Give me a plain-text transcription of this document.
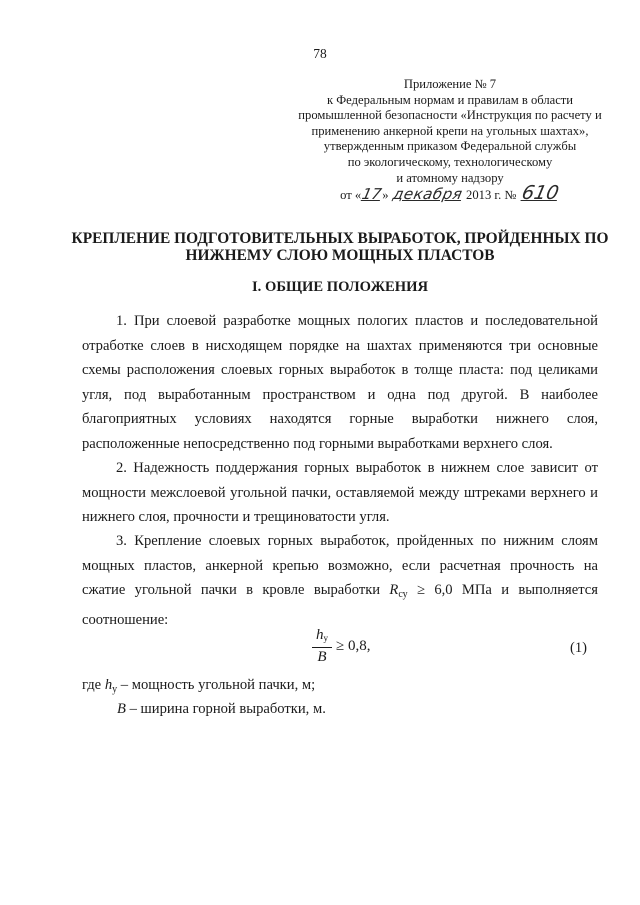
78
Приложение № 7
к Федеральным нормам и правилам в области
промышленной безопасности «Инструкция по расчету и
применению анкерной крепи на угольных шахтах»,
утвержденным приказом Федеральной службы
по экологическому, технологическому
и атомному надзору
от «17» декабря 2013 г. № 610
КРЕПЛЕНИЕ ПОДГОТОВИТЕЛЬНЫХ ВЫРАБОТОК, ПРОЙДЕННЫХ ПО
НИЖНЕМУ СЛОЮ МОЩНЫХ ПЛАСТОВ
I. ОБЩИЕ ПОЛОЖЕНИЯ

1. При слоевой разработке мощных пологих пластов и последовательной отработке слоев в нисходящем порядке на шахтах применяются три основные схемы расположения слоевых горных выработок в толще пласта: под целиками угля, под выработанным пространством и одна под другой. В наиболее благоприятных условиях находятся горные выработки нижнего слоя, расположенные непосредственно под горными выработками верхнего слоя.

2. Надежность поддержания горных выработок в нижнем слое зависит от мощности межслоевой угольной пачки, оставляемой между штреками верхнего и нижнего слоя, прочности и трещиноватости угля.

3. Крепление слоевых горных выработок, пройденных по нижним слоям мощных пластов, анкерной крепью возможно, если расчетная прочность на сжатие угольной пачки в кровле выработки $R_{су} \ge 6,0$ МПа и выполняется соотношение:

$\frac{h_у}{B} \ge 0,8$,	(1)
где $h_у$ – мощность угольной пачки, м;
B – ширина горной выработки, м.
